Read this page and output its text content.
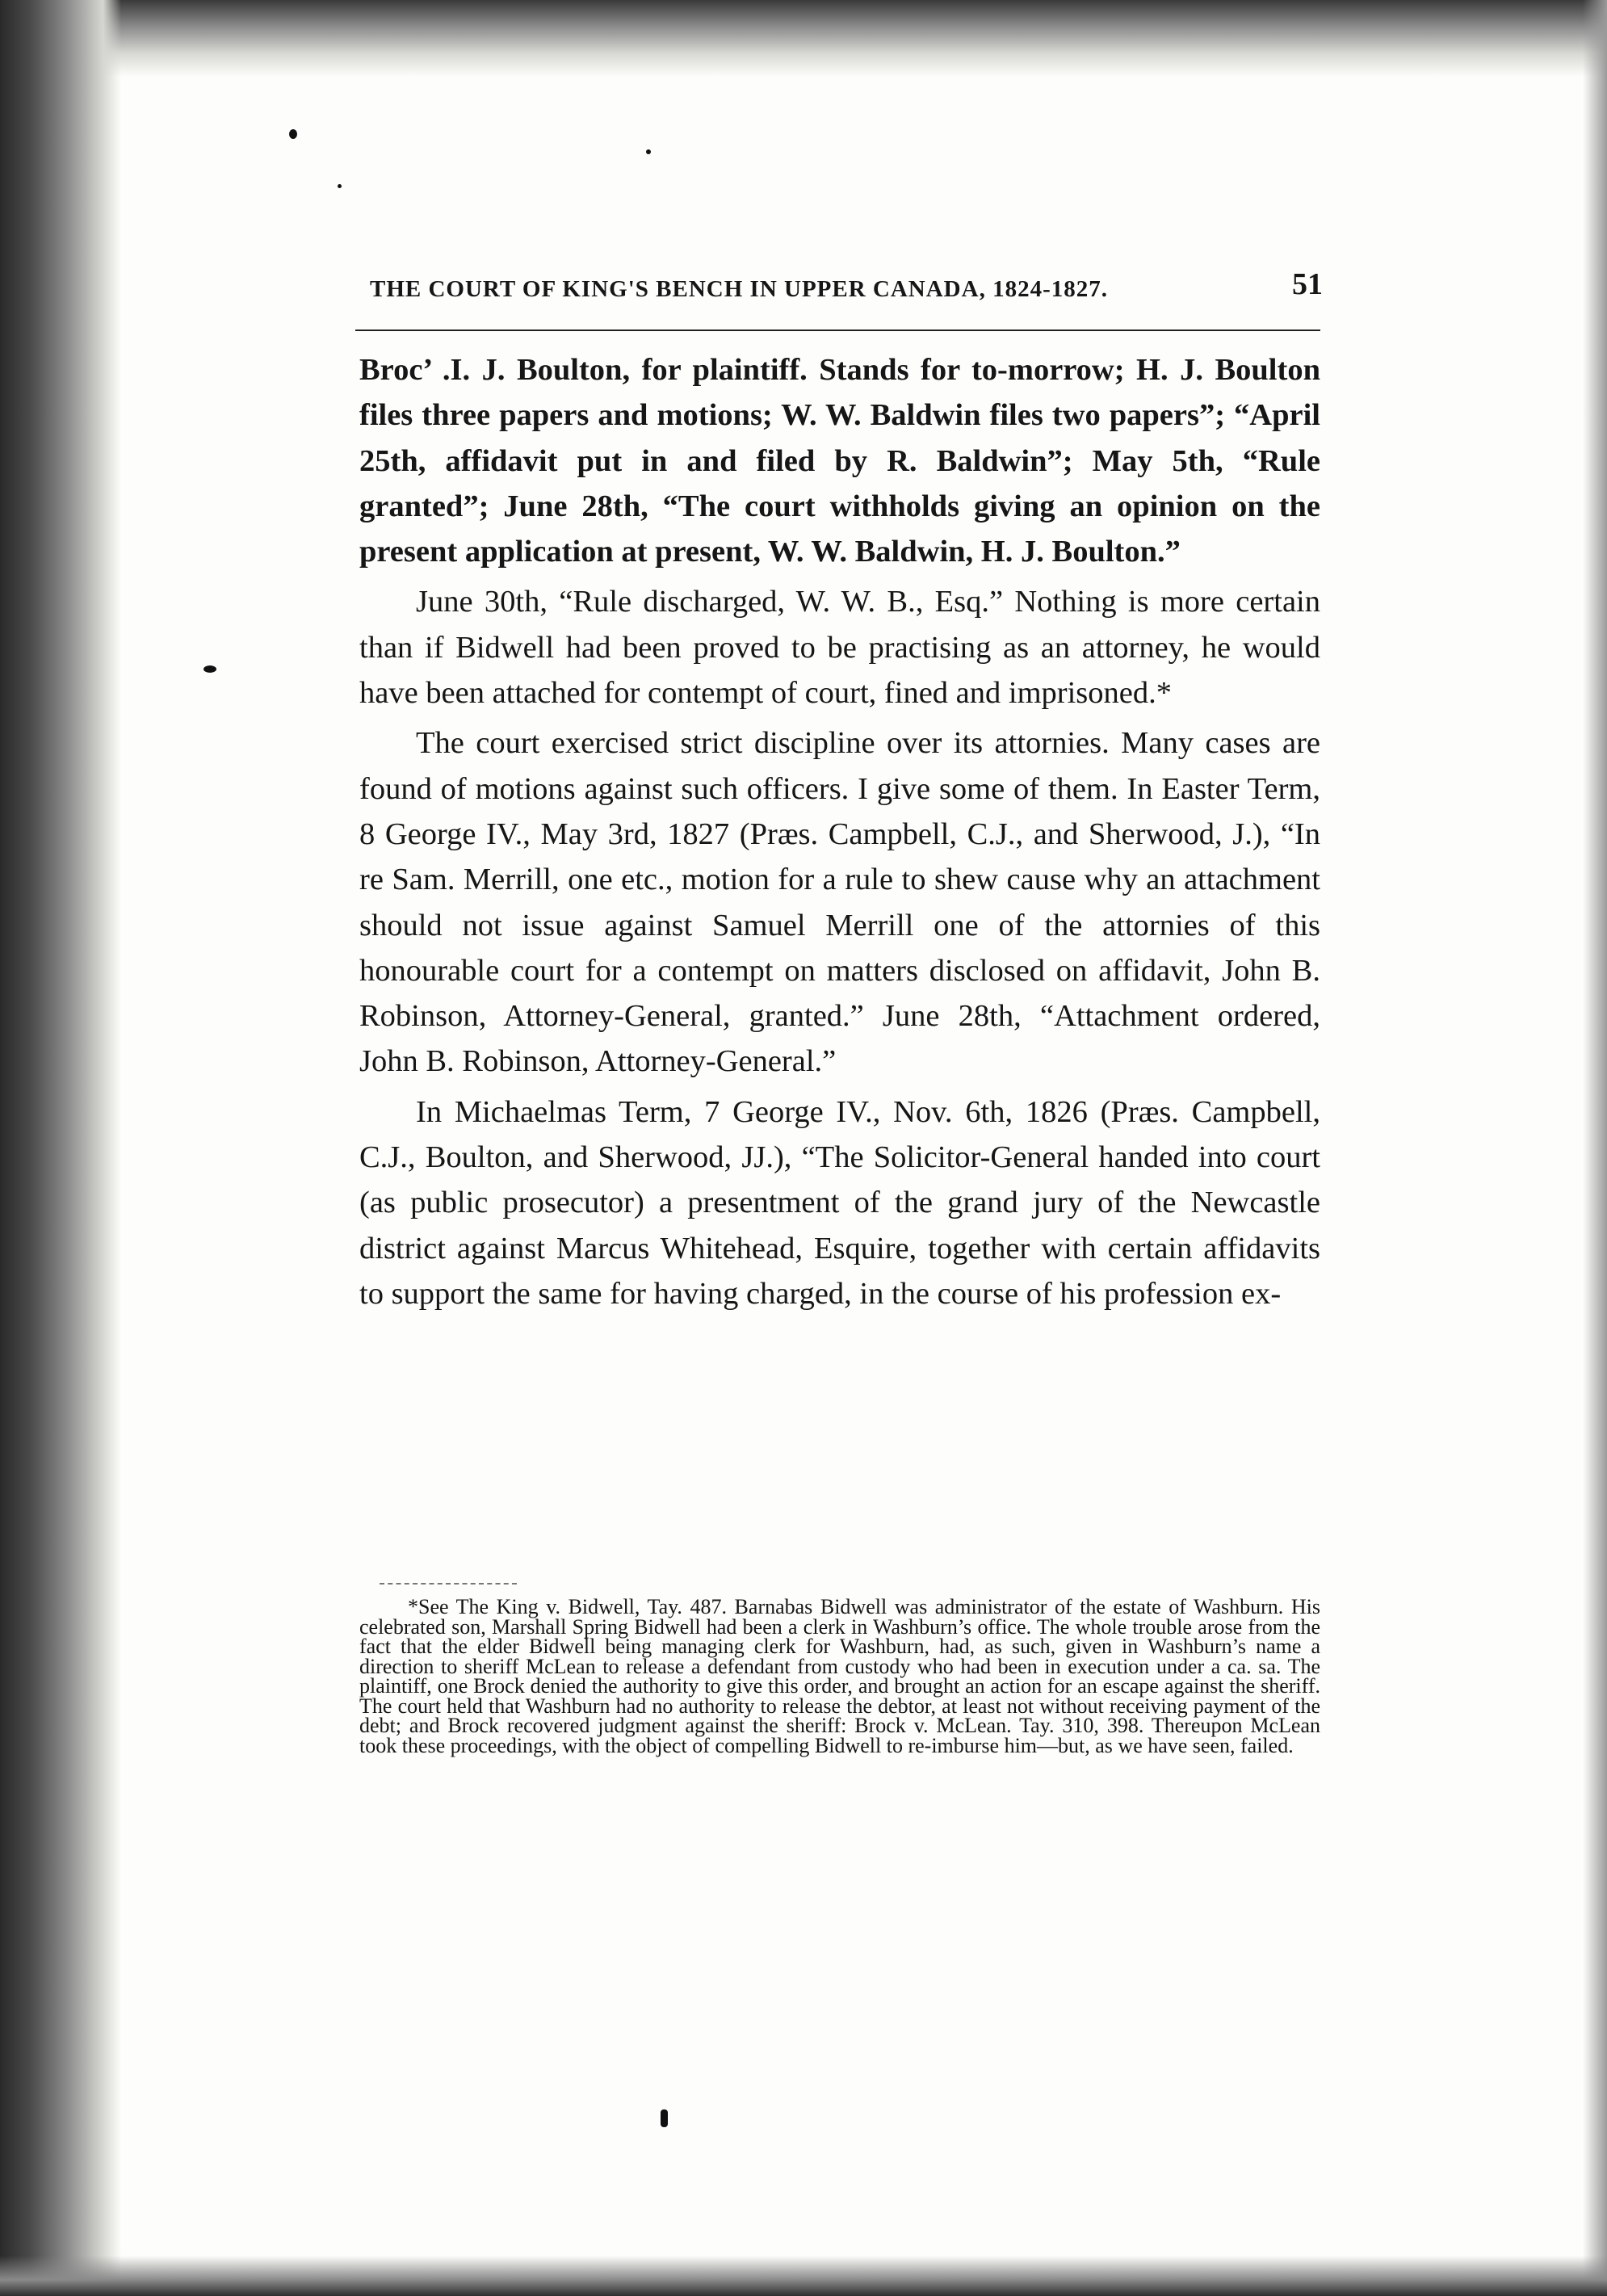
THE COURT OF KING'S BENCH IN UPPER CANADA, 1824-1827.	51

Broc’ .I. J. Boulton, for plaintiff. Stands for to-morrow; H. J. Boulton files three papers and motions; W. W. Baldwin files two papers”; “April 25th, affidavit put in and filed by R. Baldwin”; May 5th, “Rule granted”; June 28th, “The court withholds giving an opinion on the present application at present, W. W. Baldwin, H. J. Boulton.”

June 30th, “Rule discharged, W. W. B., Esq.” Nothing is more certain than if Bidwell had been proved to be practising as an attorney, he would have been attached for contempt of court, fined and imprisoned.*

The court exercised strict discipline over its attornies. Many cases are found of motions against such officers. I give some of them. In Easter Term, 8 George IV., May 3rd, 1827 (Præs. Campbell, C.J., and Sherwood, J.), “In re Sam. Merrill, one etc., motion for a rule to shew cause why an attachment should not issue against Samuel Merrill one of the attornies of this honourable court for a contempt on matters disclosed on affidavit, John B. Robinson, Attorney-General, granted.” June 28th, “Attachment ordered, John B. Robinson, Attorney-General.”

In Michaelmas Term, 7 George IV., Nov. 6th, 1826 (Præs. Campbell, C.J., Boulton, and Sherwood, JJ.), “The Solicitor-General handed into court (as public prosecutor) a presentment of the grand jury of the Newcastle district against Marcus Whitehead, Esquire, together with certain affidavits to support the same for having charged, in the course of his profession ex-

*See The King v. Bidwell, Tay. 487. Barnabas Bidwell was administrator of the estate of Washburn. His celebrated son, Marshall Spring Bidwell had been a clerk in Washburn’s office. The whole trouble arose from the fact that the elder Bidwell being managing clerk for Washburn, had, as such, given in Washburn’s name a direction to sheriff McLean to release a defendant from custody who had been in execution under a ca. sa. The plaintiff, one Brock denied the authority to give this order, and brought an action for an escape against the sheriff. The court held that Washburn had no authority to release the debtor, at least not without receiving payment of the debt; and Brock recovered judgment against the sheriff: Brock v. McLean. Tay. 310, 398. Thereupon McLean took these proceedings, with the object of compelling Bidwell to re-imburse him—but, as we have seen, failed.
